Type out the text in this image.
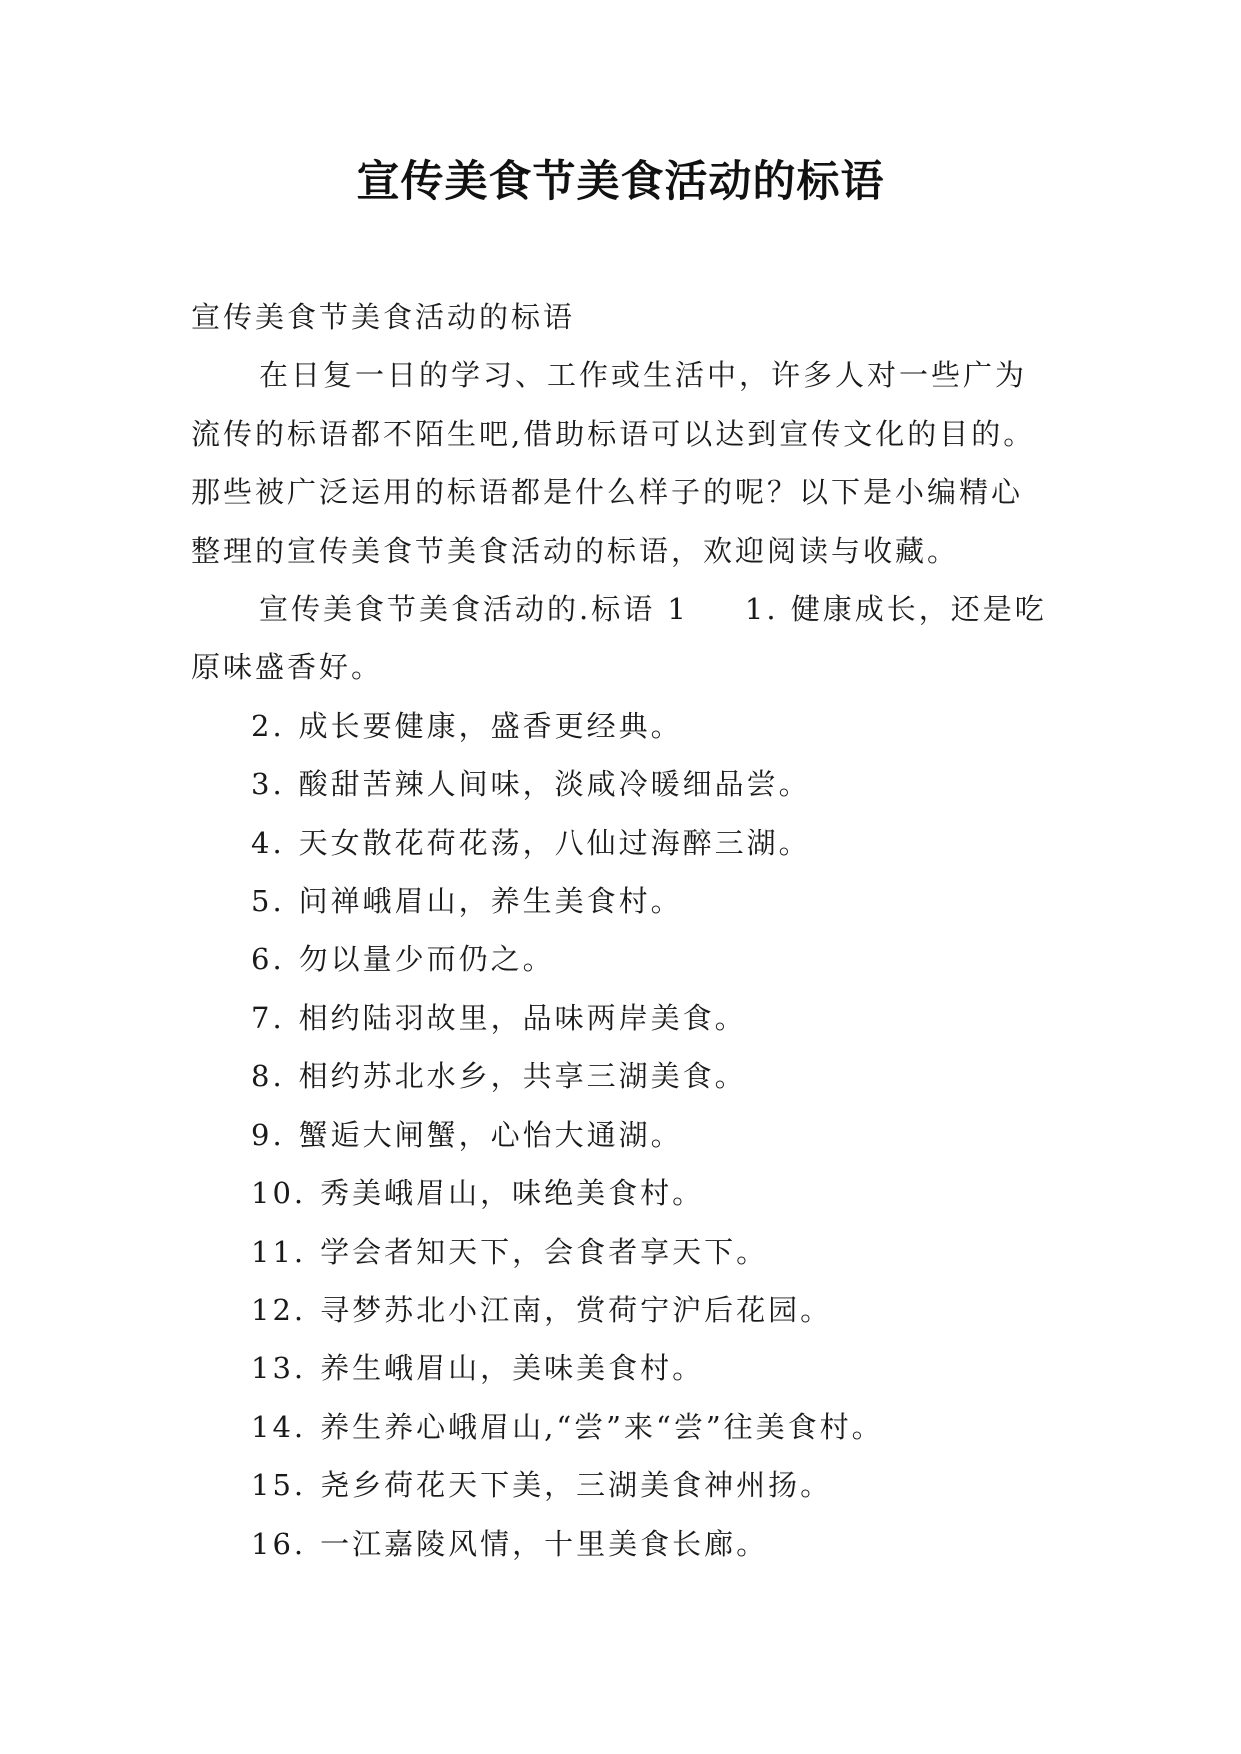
宣传美食节美食活动的标语

宣传美食节美食活动的标语

在日复一日的学习、工作或生活中，许多人对一些广为流传的标语都不陌生吧,借助标语可以达到宣传文化的目的。那些被广泛运用的标语都是什么样子的呢？以下是小编精心整理的宣传美食节美食活动的标语，欢迎阅读与收藏。

宣传美食节美食活动的.标语 1 1. 健康成长，还是吃原味盛香好。

2. 成长要健康，盛香更经典。
3. 酸甜苦辣人间味，淡咸冷暖细品尝。
4. 天女散花荷花荡，八仙过海醉三湖。
5. 问禅峨眉山，养生美食村。
6. 勿以量少而仍之。
7. 相约陆羽故里，品味两岸美食。
8. 相约苏北水乡，共享三湖美食。
9. 蟹逅大闸蟹，心怡大通湖。
10. 秀美峨眉山，味绝美食村。
11. 学会者知天下，会食者享天下。
12. 寻梦苏北小江南，赏荷宁沪后花园。
13. 养生峨眉山，美味美食村。
14. 养生养心峨眉山,“尝”来“尝”往美食村。
15. 尧乡荷花天下美，三湖美食神州扬。
16. 一江嘉陵风情，十里美食长廊。
